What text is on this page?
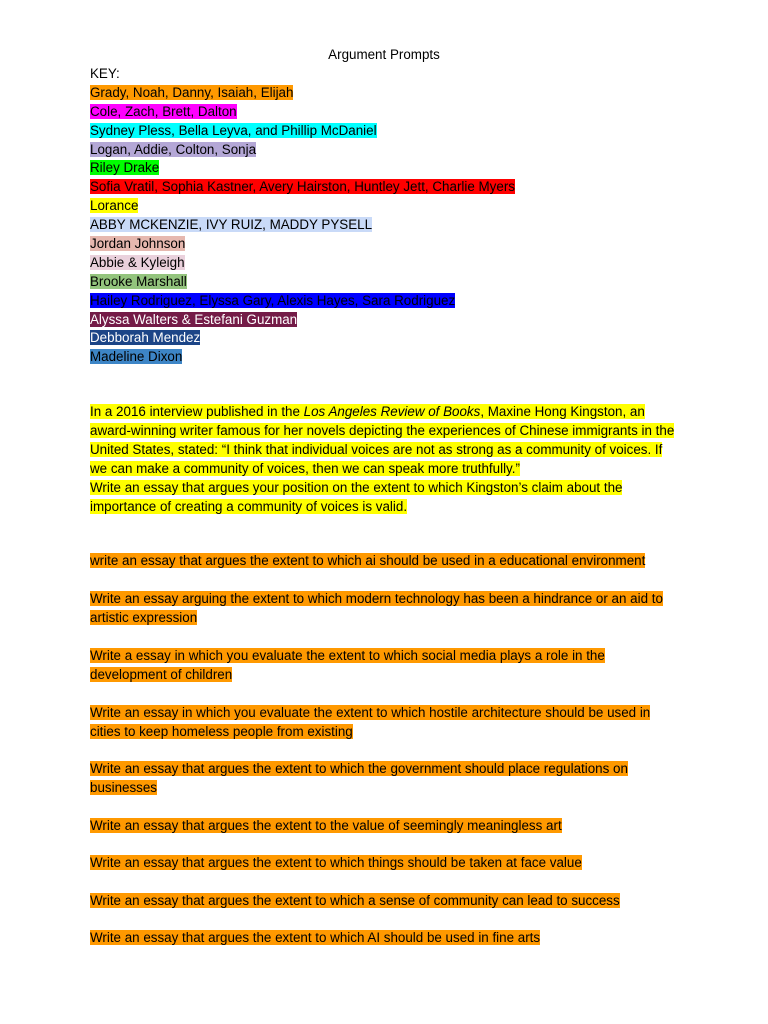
Argument Prompts
KEY:
Grady, Noah, Danny, Isaiah, Elijah
Cole, Zach, Brett, Dalton
Sydney Pless, Bella Leyva, and Phillip McDaniel
Logan, Addie, Colton, Sonja
Riley Drake
Sofia Vratil, Sophia Kastner, Avery Hairston, Huntley Jett, Charlie Myers
Lorance
ABBY MCKENZIE, IVY RUIZ, MADDY PYSELL
Jordan Johnson
Abbie & Kyleigh
Brooke Marshall
Hailey Rodriguez, Elyssa Gary, Alexis Hayes, Sara Rodriguez
Alyssa Walters & Estefani Guzman
Debborah Mendez
Madeline Dixon

In a 2016 interview published in the Los Angeles Review of Books, Maxine Hong Kingston, an award-winning writer famous for her novels depicting the experiences of Chinese immigrants in the United States, stated: “I think that individual voices are not as strong as a community of voices. If we can make a community of voices, then we can speak more truthfully.”

Write an essay that argues your position on the extent to which Kingston’s claim about the importance of creating a community of voices is valid.

write an essay that argues the extent to which ai should be used in a educational environment

Write an essay arguing the extent to which modern technology has been a hindrance or an aid to artistic expression

Write a essay in which you evaluate the extent to which social media plays a role in the development of children

Write an essay in which you evaluate the extent to which hostile architecture should be used in cities to keep homeless people from existing

Write an essay that argues the extent to which the government should place regulations on businesses

Write an essay that argues the extent to the value of seemingly meaningless art

Write an essay that argues the extent to which things should be taken at face value

Write an essay that argues the extent to which a sense of community can lead to success

Write an essay that argues the extent to which AI should be used in fine arts
